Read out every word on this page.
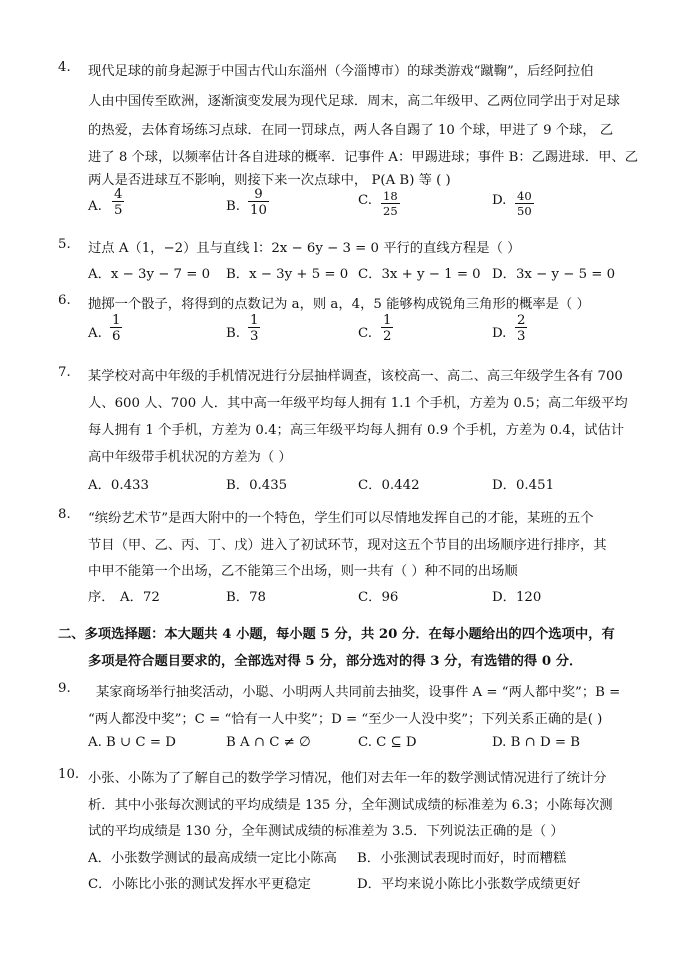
4. 现代足球的前身起源于中国古代山东淄州（今淄博市）的球类游戏“蹴鞠”，后经阿拉伯
人由中国传至欧洲，逐渐演变发展为现代足球．周末，高二年级甲、乙两位同学出于对足球
的热爱，去体育场练习点球．在同一罚球点，两人各自踢了 10 个球，甲进了 9 个球， 乙
进了 8 个球，以频率估计各自进球的概率．记事件 A：甲踢进球；事件 B：乙踢进球．甲、乙
两人是否进球互不影响，则接下来一次点球中， P(A B) 等 ( )
A. $\frac{4}{5}$	B. $\frac{9}{10}$	C. $\frac{18}{25}$	D. $\frac{40}{50}$
5. 过点 A（1，−2）且与直线 l：2x − 6y − 3 = 0 平行的直线方程是（ ）
A．x − 3y − 7 = 0 B．x − 3y + 5 = 0 C．3x + y − 1 = 0 D．3x − y − 5 = 0
6. 抛掷一个骰子，将得到的点数记为 a，则 a，4，5 能够构成锐角三角形的概率是（ ）
A. $\frac{1}{6}$	B. $\frac{1}{3}$	C. $\frac{1}{2}$	D. $\frac{2}{3}$
7. 某学校对高中年级的手机情况进行分层抽样调查，该校高一、高二、高三年级学生各有 700
人、600 人、700 人．其中高一年级平均每人拥有 1.1 个手机，方差为 0.5；高二年级平均
每人拥有 1 个手机，方差为 0.4；高三年级平均每人拥有 0.9 个手机，方差为 0.4，试估计
高中年级带手机状况的方差为（ ）
A．0.433	B．0.435	C．0.442	D．0.451
8. “缤纷艺术节”是西大附中的一个特色，学生们可以尽情地发挥自己的才能，某班的五个
节目（甲、乙、丙、丁、戊）进入了初试环节，现对这五个节目的出场顺序进行排序，其
中甲不能第一个出场，乙不能第三个出场，则一共有（ ）种不同的出场顺
序． A．72	B．78	C．96	D．120
二、多项选择题：本大题共 4 小题，每小题 5 分，共 20 分．在每小题给出的四个选项中，有
多项是符合题目要求的，全部选对得 5 分，部分选对的得 3 分，有选错的得 0 分．
9. 某家商场举行抽奖活动，小聪、小明两人共同前去抽奖，设事件 A = “两人都中奖”；B =
“两人都没中奖”；C = “恰有一人中奖”；D = “至少一人没中奖”；下列关系正确的是( )
A. B ∪ C = D	B A ∩ C ≠ ∅	C. C ⊆ D	D. B ∩ D = B
10. 小张、小陈为了了解自己的数学学习情况，他们对去年一年的数学测试情况进行了统计分
析．其中小张每次测试的平均成绩是 135 分，全年测试成绩的标准差为 6.3；小陈每次测
试的平均成绩是 130 分，全年测试成绩的标准差为 3.5．下列说法正确的是（ ）
A．小张数学测试的最高成绩一定比小陈高 B．小张测试表现时而好，时而糟糕
C．小陈比小张的测试发挥水平更稳定	D．平均来说小陈比小张数学成绩更好
